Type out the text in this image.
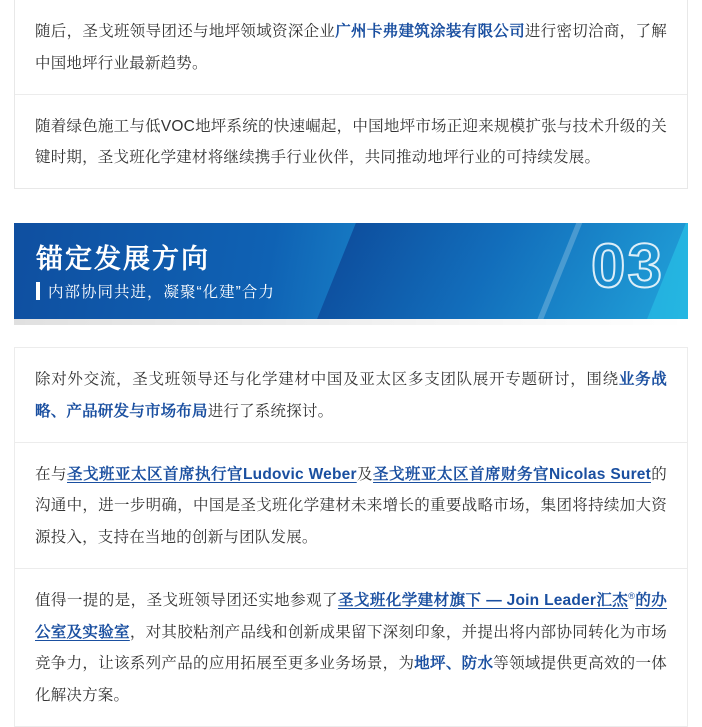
随后，圣戈班领导团还与地坪领域资深企业广州卡弗建筑涂装有限公司进行密切洽商，了解中国地坪行业最新趋势。

随着绿色施工与低VOC地坪系统的快速崛起，中国地坪市场正迎来规模扩张与技术升级的关键时期，圣戈班化学建材将继续携手行业伙伴，共同推动地坪行业的可持续发展。

锚定发展方向
内部协同共进，凝聚“化建”合力	03

除对外交流，圣戈班领导还与化学建材中国及亚太区多支团队展开专题研讨，围绕业务战略、产品研发与市场布局进行了系统探讨。

在与圣戈班亚太区首席执行官Ludovic Weber及圣戈班亚太区首席财务官Nicolas Suret的沟通中，进一步明确，中国是圣戈班化学建材未来增长的重要战略市场，集团将持续加大资源投入，支持在当地的创新与团队发展。

值得一提的是，圣戈班领导团还实地参观了圣戈班化学建材旗下 — Join Leader汇杰®的办公室及实验室，对其胶粘剂产品线和创新成果留下深刻印象，并提出将内部协同转化为市场竞争力，让该系列产品的应用拓展至更多业务场景，为地坪、防水等领域提供更高效的一体化解决方案。
